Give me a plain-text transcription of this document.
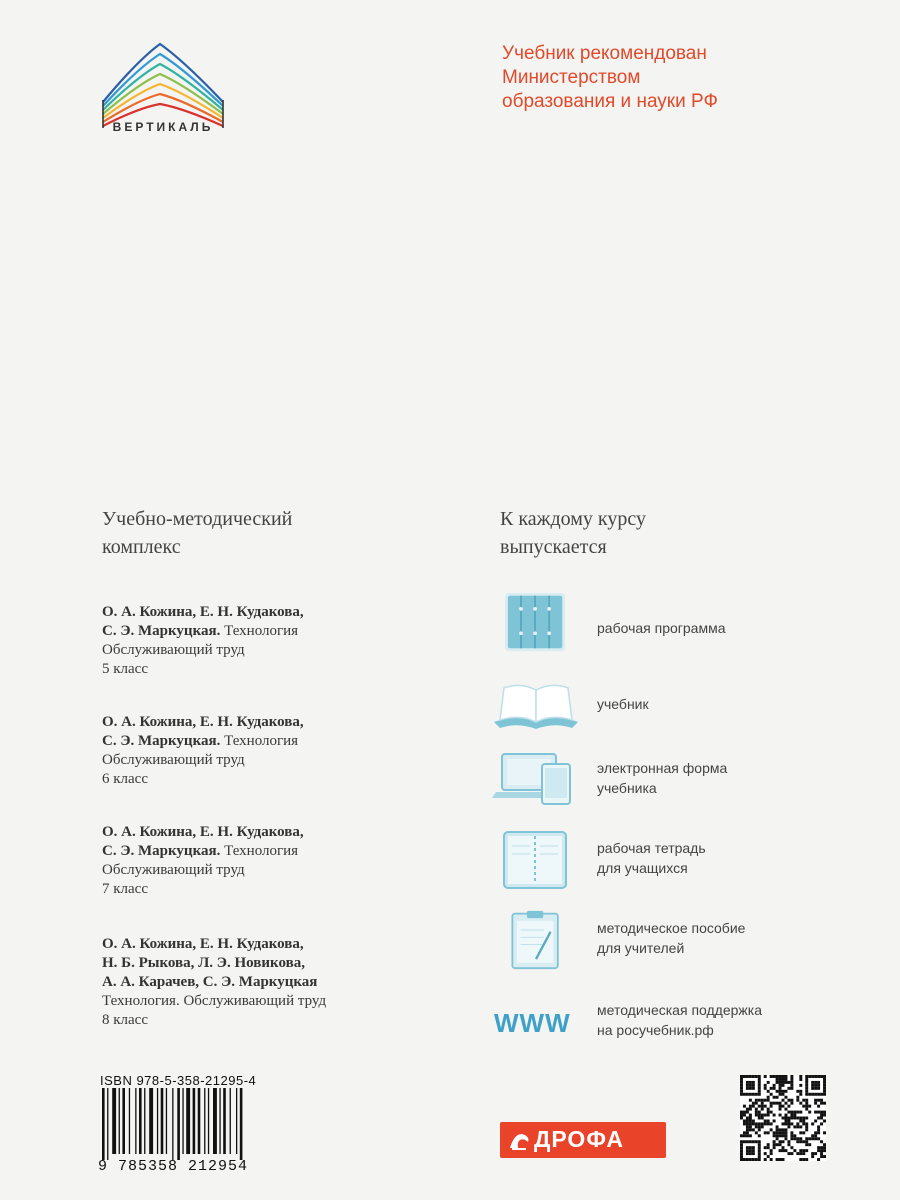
ВЕРТИКАЛЬ
Учебник рекомендован
Министерством
образования и науки РФ
Учебно-методический
комплекс
О. А. Кожина, Е. Н. Кудакова,
С. Э. Маркуцкая. Технология
Обслуживающий труд
5 класс
О. А. Кожина, Е. Н. Кудакова,
С. Э. Маркуцкая. Технология
Обслуживающий труд
6 класс
О. А. Кожина, Е. Н. Кудакова,
С. Э. Маркуцкая. Технология
Обслуживающий труд
7 класс
О. А. Кожина, Е. Н. Кудакова,
Н. Б. Рыкова, Л. Э. Новикова,
А. А. Карачев, С. Э. Маркуцкая
Технология. Обслуживающий труд
8 класс
К каждому курсу
выпускается
рабочая программа
учебник
электронная форма
учебника
рабочая тетрадь
для учащихся
методическое пособие
для учителей
WWW методическая поддержка
на росучебник.рф
ISBN 978-5-358-21295-4
9 785358 212954
ДРОФА
